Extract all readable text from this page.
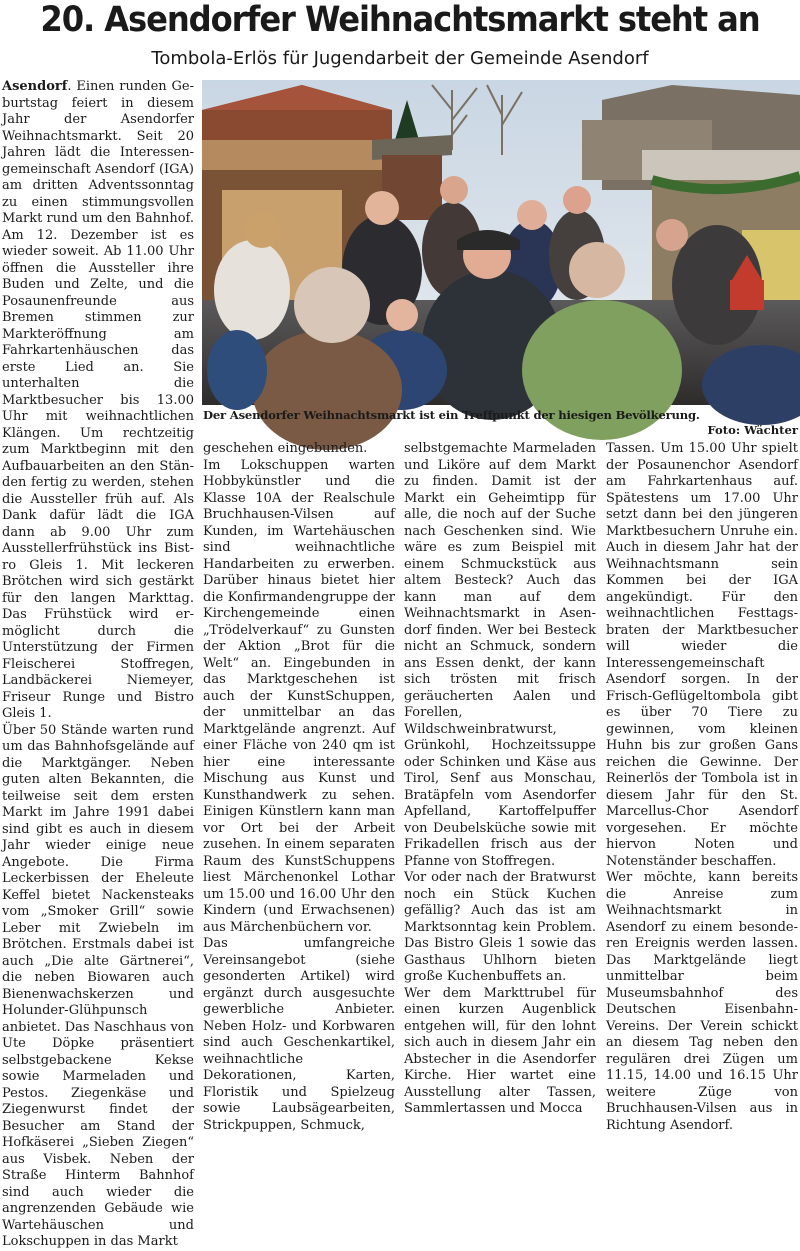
20. Asendorfer Weihnachtsmarkt steht an
Tombola-Erlös für Jugendarbeit der Gemeinde Asendorf

Asendorf. Einen runden Geburtstag feiert in diesem Jahr der Asendorfer Weihnachtsmarkt. Seit 20 Jahren lädt die Interessengemeinschaft Asendorf (IGA) am dritten Adventssonntag zu einen stimmungsvollen Markt rund um den Bahnhof.

Am 12. Dezember ist es wieder soweit. Ab 11.00 Uhr öffnen die Aussteller ihre Buden und Zelte, und die Posaunenfreunde aus Bremen stimmen zur Markteröffnung am Fahrkartenhäuschen das erste Lied an. Sie unterhalten die Marktbesucher bis 13.00 Uhr mit weihnachtlichen Klängen. Um rechtzeitig zum Marktbeginn mit den Aufbauarbeiten an den Ständen fertig zu werden, stehen die Aussteller früh auf. Als Dank dafür lädt die IGA dann ab 9.00 Uhr zum Ausstellerfrühstück ins Bistro Gleis 1. Mit leckeren Brötchen wird sich gestärkt für den langen Markttag. Das Frühstück wird ermöglicht durch die Unterstützung der Firmen Fleischerei Stoffregen, Landbäckerei Niemeyer, Friseur Runge und Bistro Gleis 1.

Über 50 Stände warten rund um das Bahnhofsgelände auf die Marktgänger. Neben guten alten Bekannten, die teilweise seit dem ersten Markt im Jahre 1991 dabei sind gibt es auch in diesem Jahr wieder einige neue Angebote. Die Firma Leckerbissen der Eheleute Keffel bietet Nackensteaks vom „Smoker Grill“ sowie Leber mit Zwiebeln im Brötchen. Erstmals dabei ist auch „Die alte Gärtnerei“, die neben Biowaren auch Bienenwachskerzen und Holunder-Glühpunsch anbietet. Das Naschhaus von Ute Döpke präsentiert selbstgebackene Kekse sowie Marmeladen und Pestos. Ziegenkäse und Ziegenwurst findet der Besucher am Stand der Hofkäserei „Sieben Ziegen“ aus Visbek. Neben der Straße Hinterm Bahnhof sind auch wieder die angrenzenden Gebäude wie Wartehäuschen und Lokschuppen in das Markt

Der Asendorfer Weihnachtsmarkt ist ein Treffpunkt der hiesigen Bevölkerung.
Foto: Wächter

geschehen eingebunden.

Im Lokschuppen warten Hobbykünstler und die Klasse 10A der Realschule Bruchhausen-Vilsen auf Kunden, im Wartehäuschen sind weihnachtliche Handarbeiten zu erwerben. Darüber hinaus bietet hier die Konfirmandengruppe der Kirchengemeinde einen „Trödelverkauf“ zu Gunsten der Aktion „Brot für die Welt“ an. Eingebunden in das Marktgeschehen ist auch der KunstSchuppen, der unmittelbar an das Marktgelände angrenzt. Auf einer Fläche von 240 qm ist hier eine interessante Mischung aus Kunst und Kunsthandwerk zu sehen. Einigen Künstlern kann man vor Ort bei der Arbeit zusehen. In einem separaten Raum des KunstSchuppens liest Märchenonkel Lothar um 15.00 und 16.00 Uhr den Kindern (und Erwachsenen) aus Märchenbüchern vor.

Das umfangreiche Vereinsangebot (siehe gesonderten Artikel) wird ergänzt durch ausgesuchte gewerbliche Anbieter. Neben Holz- und Korbwaren sind auch Geschenkartikel, weihnachtliche Dekorationen, Karten, Floristik und Spielzeug sowie Laubsägearbeiten, Strickpuppen, Schmuck,

selbstgemachte Marmeladen und Liköre auf dem Markt zu finden. Damit ist der Markt ein Geheimtipp für alle, die noch auf der Suche nach Geschenken sind. Wie wäre es zum Beispiel mit einem Schmuckstück aus altem Besteck? Auch das kann man auf dem Weihnachtsmarkt in Asendorf finden. Wer bei Besteck nicht an Schmuck, sondern ans Essen denkt, der kann sich trösten mit frisch geräucherten Aalen und Forellen, Wildschweinbratwurst, Grünkohl, Hochzeitssuppe oder Schinken und Käse aus Tirol, Senf aus Monschau, Bratäpfeln vom Asendorfer Apfelland, Kartoffelpuffer von Deubelsküche sowie mit Frikadellen frisch aus der Pfanne von Stoffregen.

Vor oder nach der Bratwurst noch ein Stück Kuchen gefällig? Auch das ist am Marktsonntag kein Problem. Das Bistro Gleis 1 sowie das Gasthaus Uhlhorn bieten große Kuchenbuffets an.

Wer dem Markttrubel für einen kurzen Augenblick entgehen will, für den lohnt sich auch in diesem Jahr ein Abstecher in die Asendorfer Kirche. Hier wartet eine Ausstellung alter Tassen, Sammlertassen und Mocca

Tassen. Um 15.00 Uhr spielt der Posaunenchor Asendorf am Fahrkartenhaus auf. Spätestens um 17.00 Uhr setzt dann bei den jüngeren Marktbesuchern Unruhe ein. Auch in diesem Jahr hat der Weihnachtsmann sein Kommen bei der IGA angekündigt. Für den weihnachtlichen Festtagsbraten der Marktbesucher will wieder die Interessengemeinschaft Asendorf sorgen. In der Frisch-Geflügeltombola gibt es über 70 Tiere zu gewinnen, vom kleinen Huhn bis zur großen Gans reichen die Gewinne. Der Reinerlös der Tombola ist in diesem Jahr für den St. Marcellus-Chor Asendorf vorgesehen. Er möchte hiervon Noten und Notenständer beschaffen.

Wer möchte, kann bereits die Anreise zum Weihnachtsmarkt in Asendorf zu einem besonderen Ereignis werden lassen. Das Marktgelände liegt unmittelbar beim Museumsbahnhof des Deutschen Eisenbahn-Vereins. Der Verein schickt an diesem Tag neben den regulären drei Zügen um 11.15, 14.00 und 16.15 Uhr weitere Züge von Bruchhausen-Vilsen aus in Richtung Asendorf.
